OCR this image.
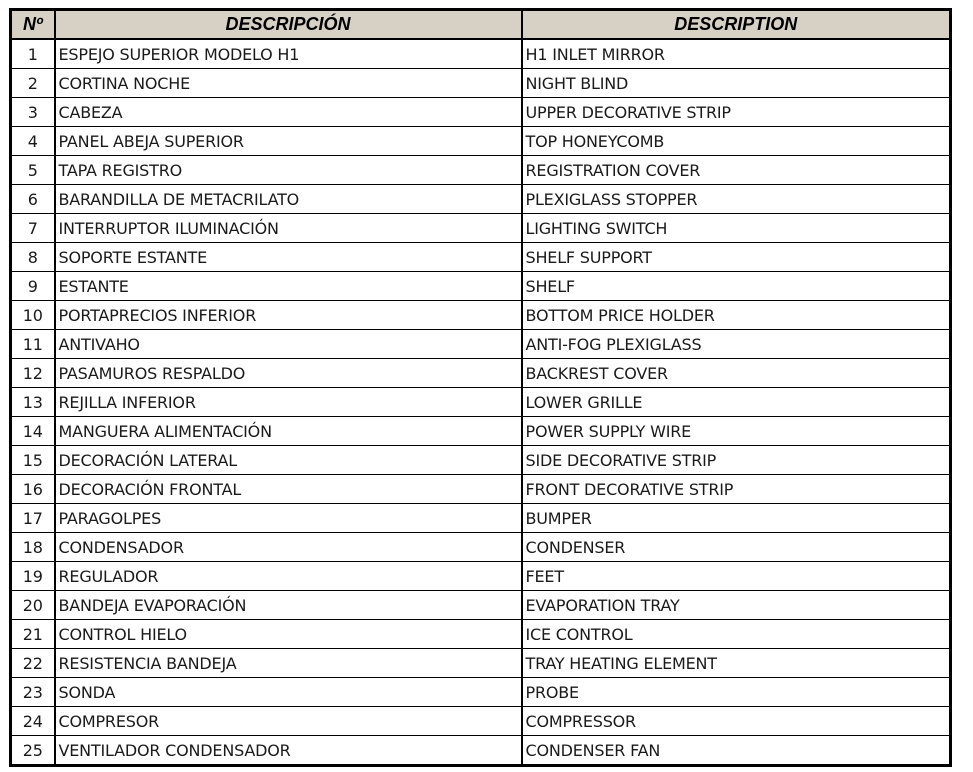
Nº	DESCRIPCIÓN	DESCRIPTION
1	ESPEJO SUPERIOR MODELO H1	H1 INLET MIRROR
2	CORTINA NOCHE	NIGHT BLIND
3	CABEZA	UPPER DECORATIVE STRIP
4	PANEL ABEJA SUPERIOR	TOP HONEYCOMB
5	TAPA REGISTRO	REGISTRATION COVER
6	BARANDILLA DE METACRILATO	PLEXIGLASS STOPPER
7	INTERRUPTOR ILUMINACIÓN	LIGHTING SWITCH
8	SOPORTE ESTANTE	SHELF SUPPORT
9	ESTANTE	SHELF
10	PORTAPRECIOS INFERIOR	BOTTOM PRICE HOLDER
11	ANTIVAHO	ANTI-FOG PLEXIGLASS
12	PASAMUROS RESPALDO	BACKREST COVER
13	REJILLA INFERIOR	LOWER GRILLE
14	MANGUERA ALIMENTACIÓN	POWER SUPPLY WIRE
15	DECORACIÓN LATERAL	SIDE DECORATIVE STRIP
16	DECORACIÓN FRONTAL	FRONT DECORATIVE STRIP
17	PARAGOLPES	BUMPER
18	CONDENSADOR	CONDENSER
19	REGULADOR	FEET
20	BANDEJA EVAPORACIÓN	EVAPORATION TRAY
21	CONTROL HIELO	ICE CONTROL
22	RESISTENCIA BANDEJA	TRAY HEATING ELEMENT
23	SONDA	PROBE
24	COMPRESOR	COMPRESSOR
25	VENTILADOR CONDENSADOR	CONDENSER FAN
